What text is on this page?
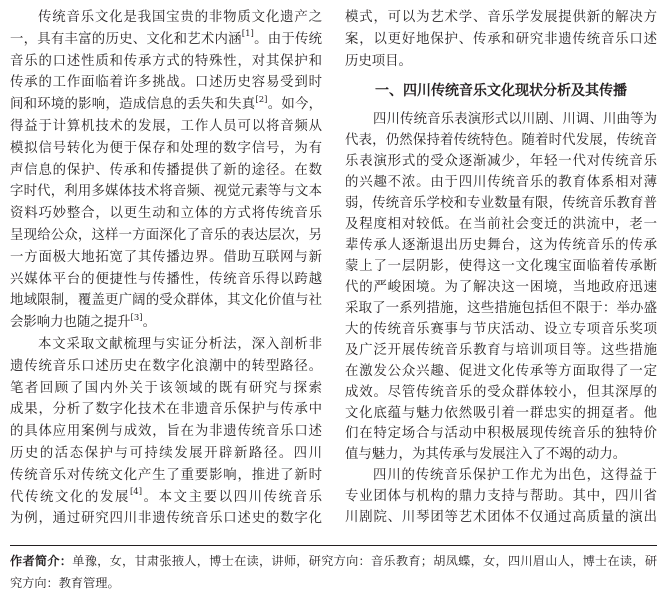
传统音乐文化是我国宝贵的非物质文化遗产之
一，具有丰富的历史、文化和艺术内涵[1]。由于传统
音乐的口述性质和传承方式的特殊性，对其保护和
传承的工作面临着许多挑战。口述历史容易受到时
间和环境的影响，造成信息的丢失和失真[2]。如今，
得益于计算机技术的发展，工作人员可以将音频从
模拟信号转化为便于保存和处理的数字信号，为有
声信息的保护、传承和传播提供了新的途径。在数
字时代，利用多媒体技术将音频、视觉元素等与文本
资料巧妙整合，以更生动和立体的方式将传统音乐
呈现给公众，这样一方面深化了音乐的表达层次，另
一方面极大地拓宽了其传播边界。借助互联网与新
兴媒体平台的便捷性与传播性，传统音乐得以跨越
地域限制，覆盖更广阔的受众群体，其文化价值与社
会影响力也随之提升[3]。
本文采取文献梳理与实证分析法，深入剖析非
遗传统音乐口述历史在数字化浪潮中的转型路径。
笔者回顾了国内外关于该领域的既有研究与探索
成果，分析了数字化技术在非遗音乐保护与传承中
的具体应用案例与成效，旨在为非遗传统音乐口述
历史的活态保护与可持续发展开辟新路径。四川
传统音乐对传统文化产生了重要影响，推进了新时
代传统文化的发展[4]。本文主要以四川传统音乐
为例，通过研究四川非遗传统音乐口述史的数字化
模式，可以为艺术学、音乐学发展提供新的解决方
案，以更好地保护、传承和研究非遗传统音乐口述
历史项目。
一、四川传统音乐文化现状分析及其传播
四川传统音乐表演形式以川剧、川调、川曲等为
代表，仍然保持着传统特色。随着时代发展，传统音
乐表演形式的受众逐渐减少，年轻一代对传统音乐
的兴趣不浓。由于四川传统音乐的教育体系相对薄
弱，传统音乐学校和专业数量有限，传统音乐教育普
及程度相对较低。在当前社会变迁的洪流中，老一
辈传承人逐渐退出历史舞台，这为传统音乐的传承
蒙上了一层阴影，使得这一文化瑰宝面临着传承断
代的严峻困境。为了解决这一困境，当地政府迅速
采取了一系列措施，这些措施包括但不限于：举办盛
大的传统音乐赛事与节庆活动、设立专项音乐奖项
及广泛开展传统音乐教育与培训项目等。这些措施
在激发公众兴趣、促进文化传承等方面取得了一定
成效。尽管传统音乐的受众群体较小，但其深厚的
文化底蕴与魅力依然吸引着一群忠实的拥趸者。他
们在特定场合与活动中积极展现传统音乐的独特价
值与魅力，为其传承与发展注入了不竭的动力。
四川的传统音乐保护工作尤为出色，这得益于
专业团体与机构的鼎力支持与帮助。其中，四川省
川剧院、川琴团等艺术团体不仅通过高质量的演出
作者简介：单豫，女，甘肃张掖人，博士在读，讲师，研究方向：音乐教育；胡凤蝶，女，四川眉山人，博士在读，研
究方向：教育管理。
